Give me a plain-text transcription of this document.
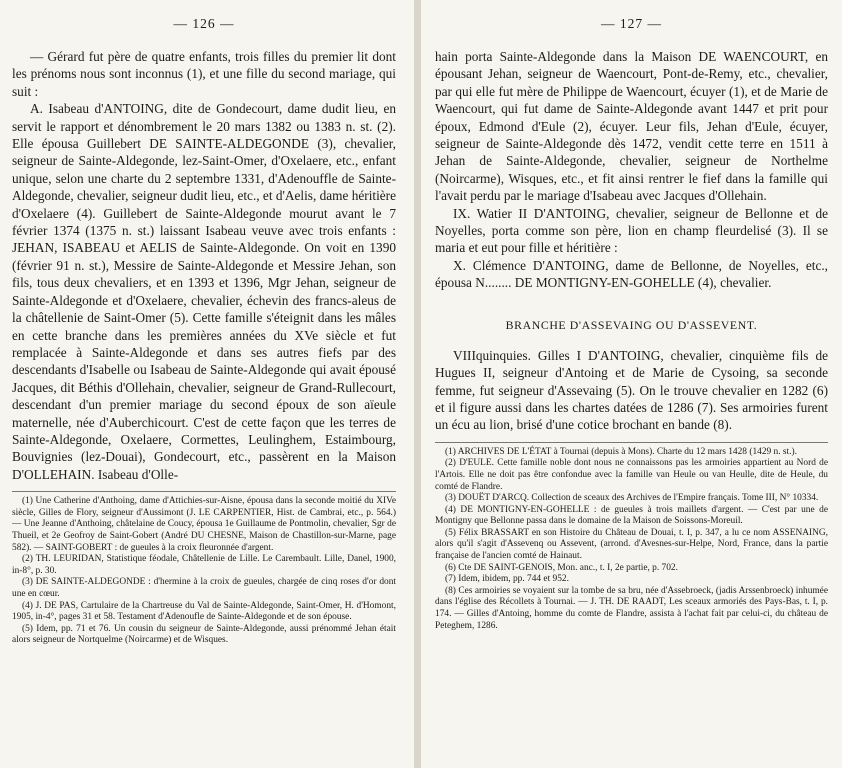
— 126 —

— Gérard fut père de quatre enfants, trois filles du premier lit dont les prénoms nous sont inconnus (1), et une fille du second mariage, qui suit :

A. Isabeau d'ANTOING, dite de Gondecourt, dame dudit lieu, en servit le rapport et dénombrement le 20 mars 1382 ou 1383 n. st. (2). Elle épousa Guillebert DE SAINTE-ALDEGONDE (3), chevalier, seigneur de Sainte-Aldegonde, lez-Saint-Omer, d'Oxelaere, etc., enfant unique, selon une charte du 2 septembre 1331, d'Adenouffle de Sainte-Aldegonde, chevalier, seigneur dudit lieu, etc., et d'Aelis, dame héritière d'Oxelaere (4). Guillebert de Sainte-Aldegonde mourut avant le 7 février 1374 (1375 n. st.) laissant Isabeau veuve avec trois enfants : JEHAN, ISABEAU et AELIS de Sainte-Aldegonde. On voit en 1390 (février 91 n. st.), Messire de Sainte-Aldegonde et Messire Jehan, son fils, tous deux chevaliers, et en 1393 et 1396, Mgr Jehan, seigneur de Sainte-Aldegonde et d'Oxelaere, chevalier, échevin des francs-aleus de la châtellenie de Saint-Omer (5). Cette famille s'éteignit dans les mâles en cette branche dans les premières années du XVe siècle et fut remplacée à Sainte-Aldegonde et dans ses autres fiefs par des descendants d'Isabelle ou Isabeau de Sainte-Aldegonde qui avait épousé Jacques, dit Béthis d'Ollehain, chevalier, seigneur de Grand-Rullecourt, descendant d'un premier mariage du second époux de son aïeule maternelle, née d'Auberchicourt. C'est de cette façon que les terres de Sainte-Aldegonde, Oxelaere, Cormettes, Leulinghem, Estaimbourg, Bouvignies (lez-Douai), Gondecourt, etc., passèrent en la Maison D'OLLEHAIN. Isabeau d'Olle-

(1) Une Catherine d'Anthoing, dame d'Attichies-sur-Aisne, épousa dans la seconde moitié du XIVe siècle, Gilles de Flory, seigneur d'Aussimont (J. LE CARPENTIER, Hist. de Cambrai, etc., p. 564.) — Une Jeanne d'Anthoing, châtelaine de Coucy, épousa 1e Guillaume de Pontmolin, chevalier, Sgr de Thueil, et 2e Geofroy de Saint-Gobert (André DU CHESNE, Maison de Chastillon-sur-Marne, page 582). — SAINT-GOBERT : de gueules à la croix fleuronnée d'argent.

(2) TH. LEURIDAN, Statistique féodale, Châtellenie de Lille. Le Carembault. Lille, Danel, 1900, in-8°, p. 30.

(3) DE SAINTE-ALDEGONDE : d'hermine à la croix de gueules, chargée de cinq roses d'or dont une en cœur.

(4) J. DE PAS, Cartulaire de la Chartreuse du Val de Sainte-Aldegonde, Saint-Omer, H. d'Homont, 1905, in-4°, pages 31 et 58. Testament d'Adenoufle de Sainte-Aldegonde et de son épouse.

(5) Idem, pp. 71 et 76. Un cousin du seigneur de Sainte-Aldegonde, aussi prénommé Jehan était alors seigneur de Nortquelme (Noircarme) et de Wisques.

— 127 —

hain porta Sainte-Aldegonde dans la Maison DE WAENCOURT, en épousant Jehan, seigneur de Waencourt, Pont-de-Remy, etc., chevalier, par qui elle fut mère de Philippe de Waencourt, écuyer (1), et de Marie de Waencourt, qui fut dame de Sainte-Aldegonde avant 1447 et prit pour époux, Edmond d'Eule (2), écuyer. Leur fils, Jehan d'Eule, écuyer, seigneur de Sainte-Aldegonde dès 1472, vendit cette terre en 1511 à Jehan de Sainte-Aldegonde, chevalier, seigneur de Northelme (Noircarme), Wisques, etc., et fit ainsi rentrer le fief dans la famille qui l'avait perdu par le mariage d'Isabeau avec Jacques d'Ollehain.

IX. Watier II D'ANTOING, chevalier, seigneur de Bellonne et de Noyelles, porta comme son père, lion en champ fleurdelisé (3). Il se maria et eut pour fille et héritière :

X. Clémence D'ANTOING, dame de Bellonne, de Noyelles, etc., épousa N........ DE MONTIGNY-EN-GOHELLE (4), chevalier.

BRANCHE D'ASSEVAING OU D'ASSEVENT.

VIIIquinquies. Gilles I D'ANTOING, chevalier, cinquième fils de Hugues II, seigneur d'Antoing et de Marie de Cysoing, sa seconde femme, fut seigneur d'Assevaing (5). On le trouve chevalier en 1282 (6) et il figure aussi dans les chartes datées de 1286 (7). Ses armoiries furent un écu au lion, brisé d'une cotice brochant en bande (8).

(1) ARCHIVES DE L'ÉTAT à Tournai (depuis à Mons). Charte du 12 mars 1428 (1429 n. st.).

(2) D'EULE. Cette famille noble dont nous ne connaissons pas les armoiries appartient au Nord de l'Artois. Elle ne doit pas être confondue avec la famille van Heule ou van Heulle, dite de Heule, du comté de Flandre.

(3) DOUËT D'ARCQ. Collection de sceaux des Archives de l'Empire français. Tome III, N° 10334.

(4) DE MONTIGNY-EN-GOHELLE : de gueules à trois maillets d'argent. — C'est par une de Montigny que Bellonne passa dans le domaine de la Maison de Soissons-Moreuil.

(5) Félix BRASSART en son Histoire du Château de Douai, t. I, p. 347, a lu ce nom ASSENAING, alors qu'il s'agit d'Assevenq ou Assevent, (arrond. d'Avesnes-sur-Helpe, Nord, France, dans la partie française de l'ancien comté de Hainaut.

(6) Cte DE SAINT-GENOIS, Mon. anc., t. I, 2e partie, p. 702.

(7) Idem, ibidem, pp. 744 et 952.

(8) Ces armoiries se voyaient sur la tombe de sa bru, née d'Assebroeck, (jadis Arssenbroeck) inhumée dans l'église des Récollets à Tournai. — J. TH. DE RAADT, Les sceaux armoriés des Pays-Bas, t. I, p. 174. — Gilles d'Antoing, homme du comte de Flandre, assista à l'achat fait par celui-ci, du château de Peteghem, 1286.
